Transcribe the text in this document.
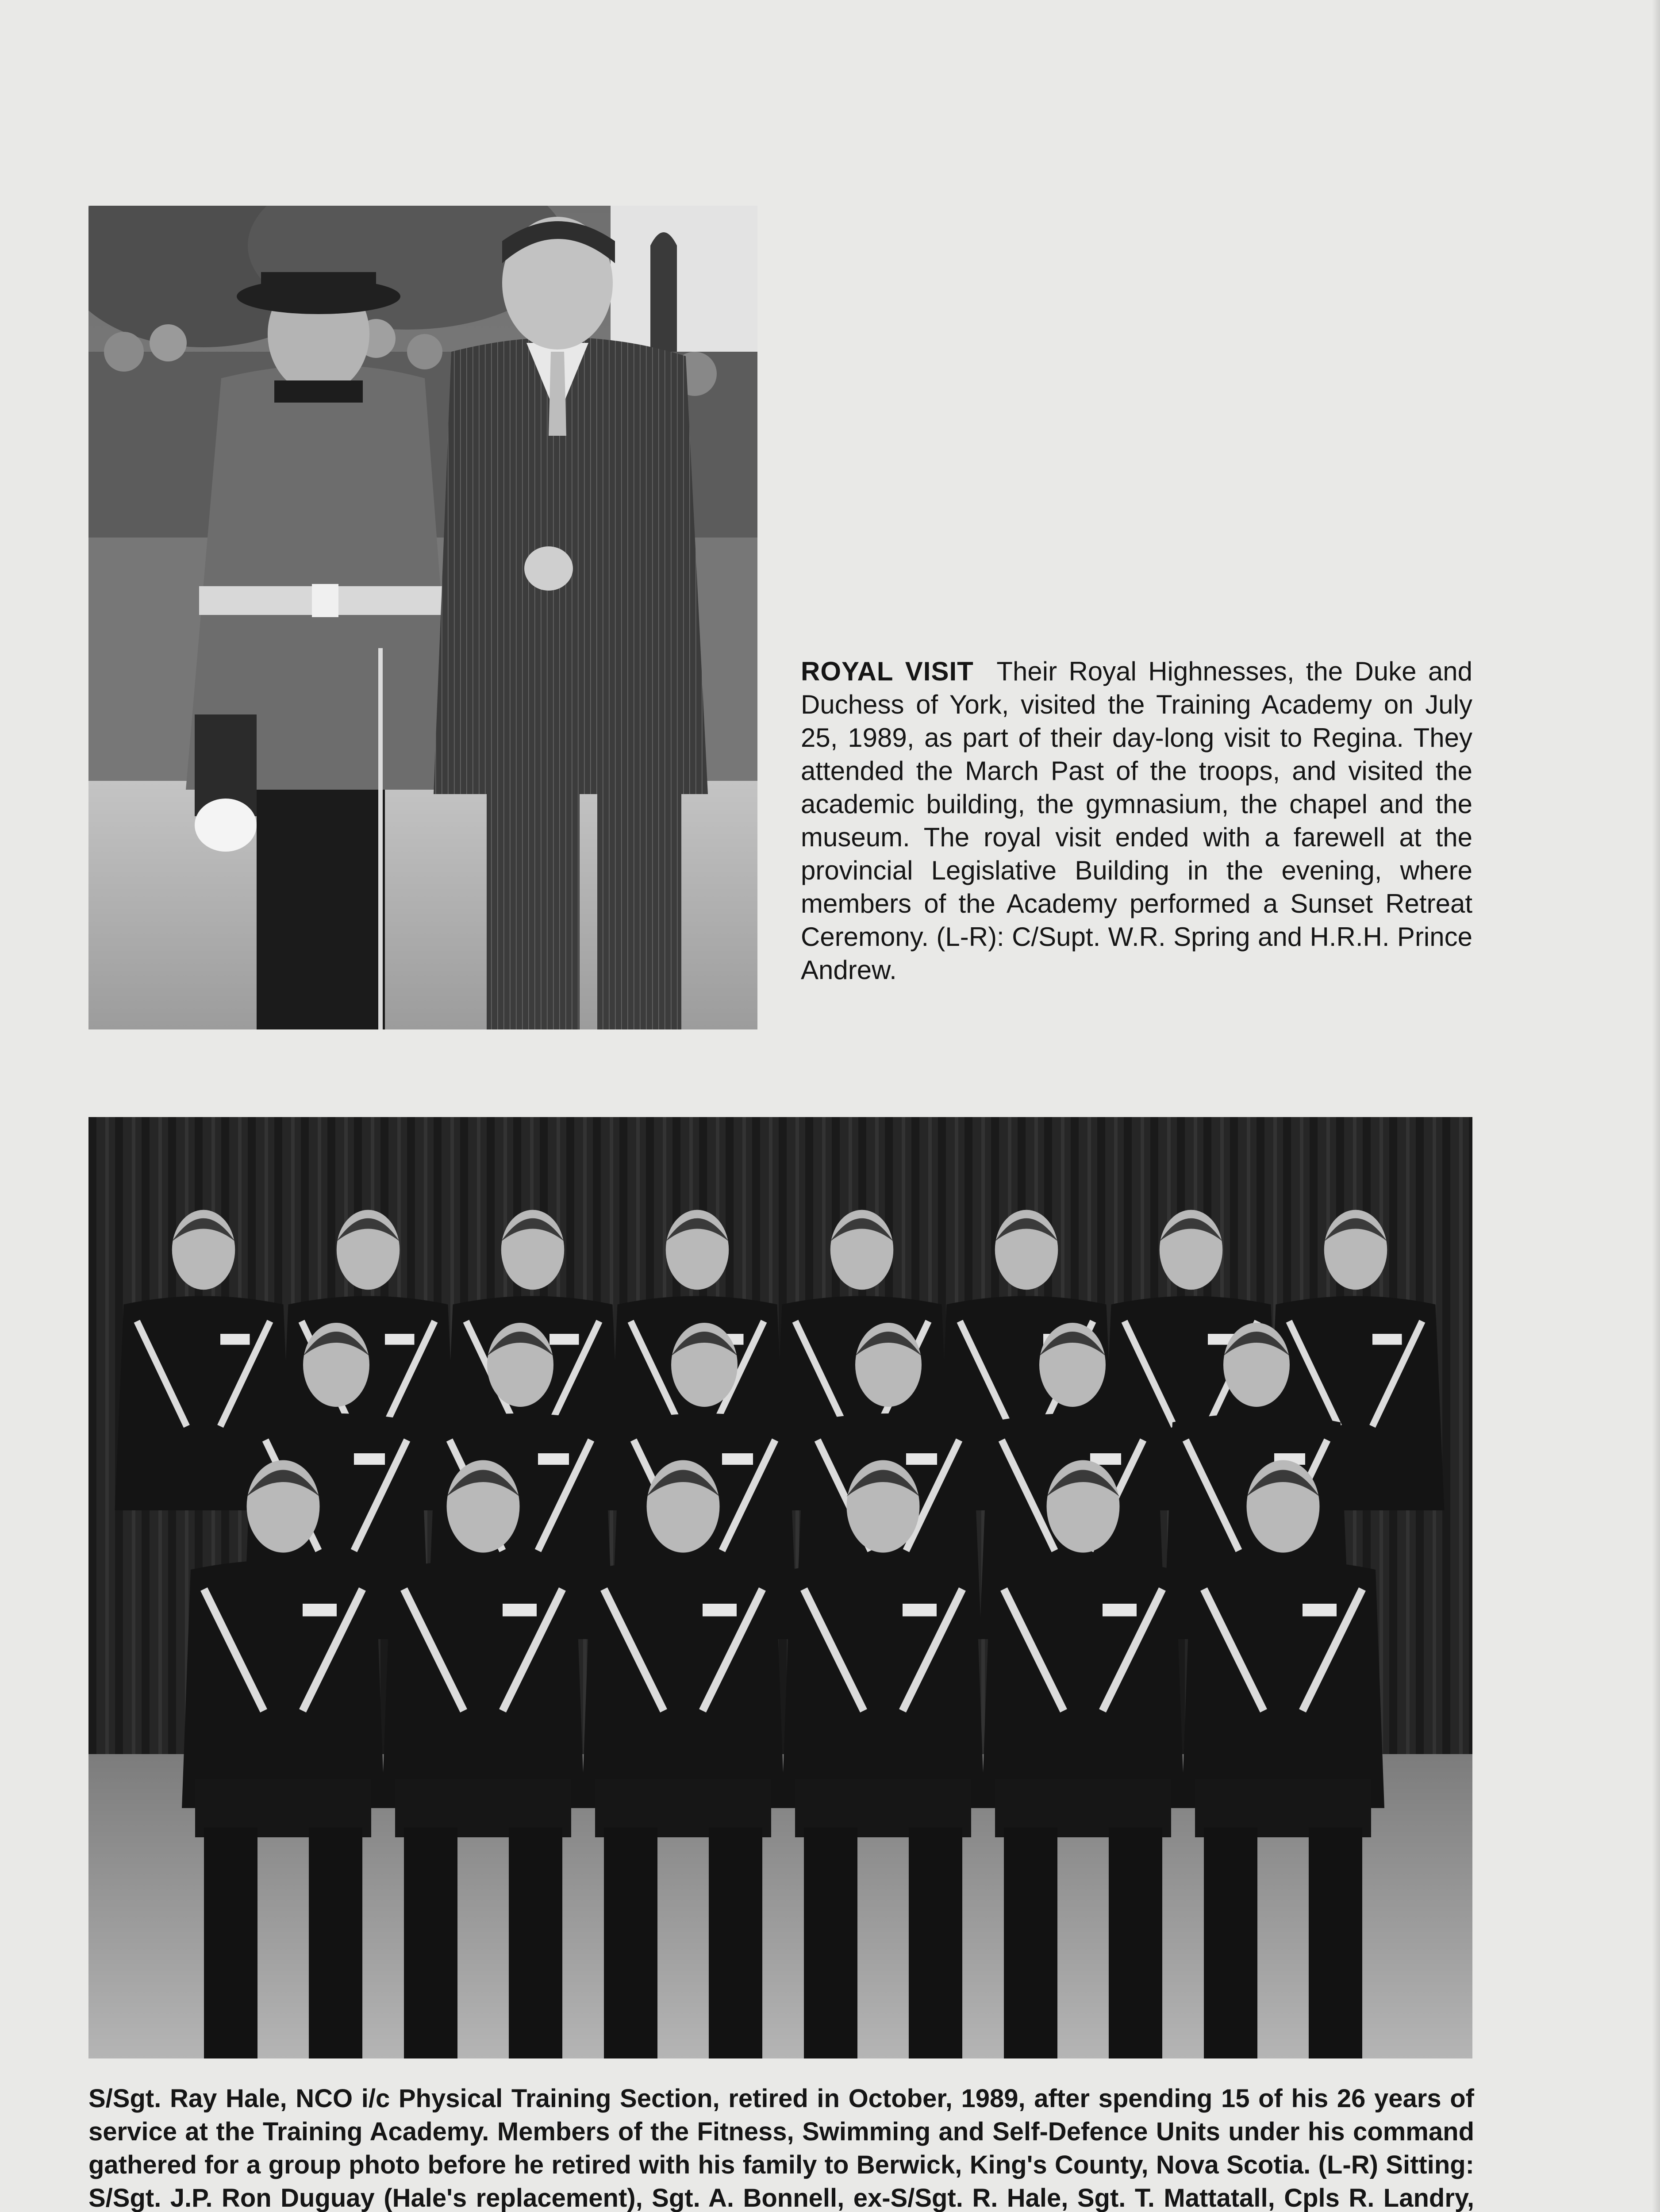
ROYAL VISIT Their Royal Highnesses, the Duke and Duchess of York, visited the Training Academy on July 25, 1989, as part of their day-long visit to Regina. They attended the March Past of the troops, and visited the academic building, the gymnasium, the chapel and the museum. The royal visit ended with a farewell at the provincial Legislative Building in the evening, where members of the Academy performed a Sunset Retreat Ceremony. (L-R): C/Supt. W.R. Spring and H.R.H. Prince Andrew.

S/Sgt. Ray Hale, NCO i/c Physical Training Section, retired in October, 1989, after spending 15 of his 26 years of service at the Training Academy. Members of the Fitness, Swimming and Self-Defence Units under his command gathered for a group photo before he retired with his family to Berwick, King's County, Nova Scotia. (L-R) Sitting: S/Sgt. J.P. Ron Duguay (Hale's replacement), Sgt. A. Bonnell, ex-S/Sgt. R. Hale, Sgt. T. Mattatall, Cpls R. Landry,
